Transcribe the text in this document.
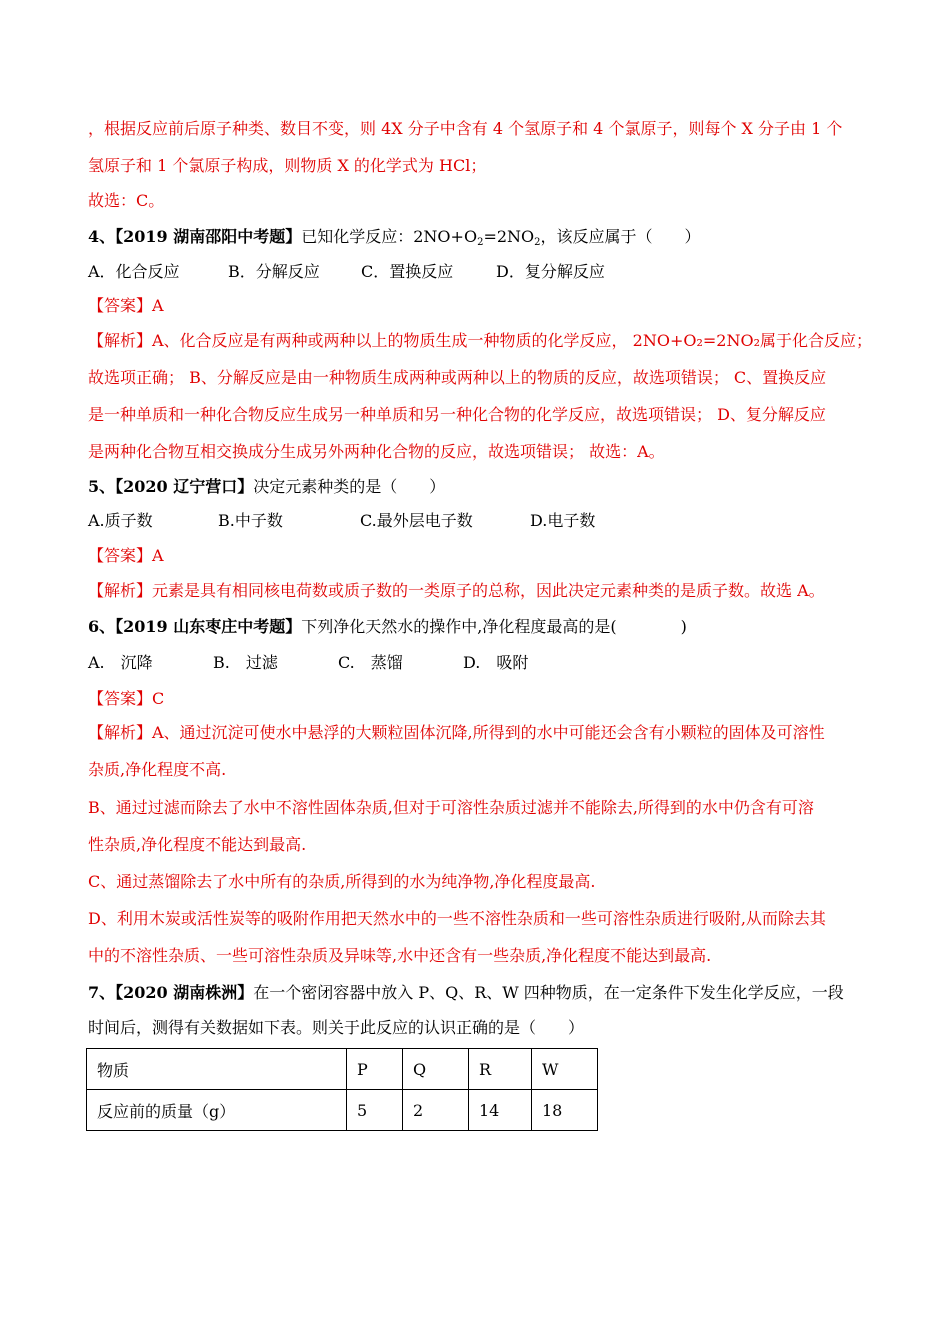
，根据反应前后原子种类、数目不变，则 4X 分子中含有 4 个氢原子和 4 个氯原子，则每个 X 分子由 1 个
氢原子和 1 个氯原子构成，则物质 X 的化学式为 HCl；
故选：C。
4、【2019 湖南邵阳中考题】已知化学反应：$2NO+O_2=2NO_2$，该反应属于（　　）
A．化合反应	B．分解反应	C．置换反应	D．复分解反应
【答案】A
【解析】A、化合反应是有两种或两种以上的物质生成一种物质的化学反应， 2NO+O₂=2NO₂属于化合反应；
故选项正确； B、分解反应是由一种物质生成两种或两种以上的物质的反应，故选项错误； C、置换反应
是一种单质和一种化合物反应生成另一种单质和另一种化合物的化学反应，故选项错误； D、复分解反应
是两种化合物互相交换成分生成另外两种化合物的反应，故选项错误； 故选：A。
5、【2020 辽宁营口】决定元素种类的是（　　）
A.质子数	B.中子数	C.最外层电子数	D.电子数
【答案】A
【解析】元素是具有相同核电荷数或质子数的一类原子的总称，因此决定元素种类的是质子数。故选 A。
6、【2019 山东枣庄中考题】下列净化天然水的操作中,净化程度最高的是(　　　　)
A.　沉降	B.　过滤	C.　蒸馏	D.　吸附
【答案】C
【解析】A、通过沉淀可使水中悬浮的大颗粒固体沉降,所得到的水中可能还会含有小颗粒的固体及可溶性
杂质,净化程度不高.
B、通过过滤而除去了水中不溶性固体杂质,但对于可溶性杂质过滤并不能除去,所得到的水中仍含有可溶
性杂质,净化程度不能达到最高.
C、通过蒸馏除去了水中所有的杂质,所得到的水为纯净物,净化程度最高.
D、利用木炭或活性炭等的吸附作用把天然水中的一些不溶性杂质和一些可溶性杂质进行吸附,从而除去其
中的不溶性杂质、一些可溶性杂质及异味等,水中还含有一些杂质,净化程度不能达到最高.
7、【2020 湖南株洲】在一个密闭容器中放入 P、Q、R、W 四种物质，在一定条件下发生化学反应，一段
时间后，测得有关数据如下表。则关于此反应的认识正确的是（　　）
物质	P	Q	R	W
反应前的质量（g）	5	2	14	18
